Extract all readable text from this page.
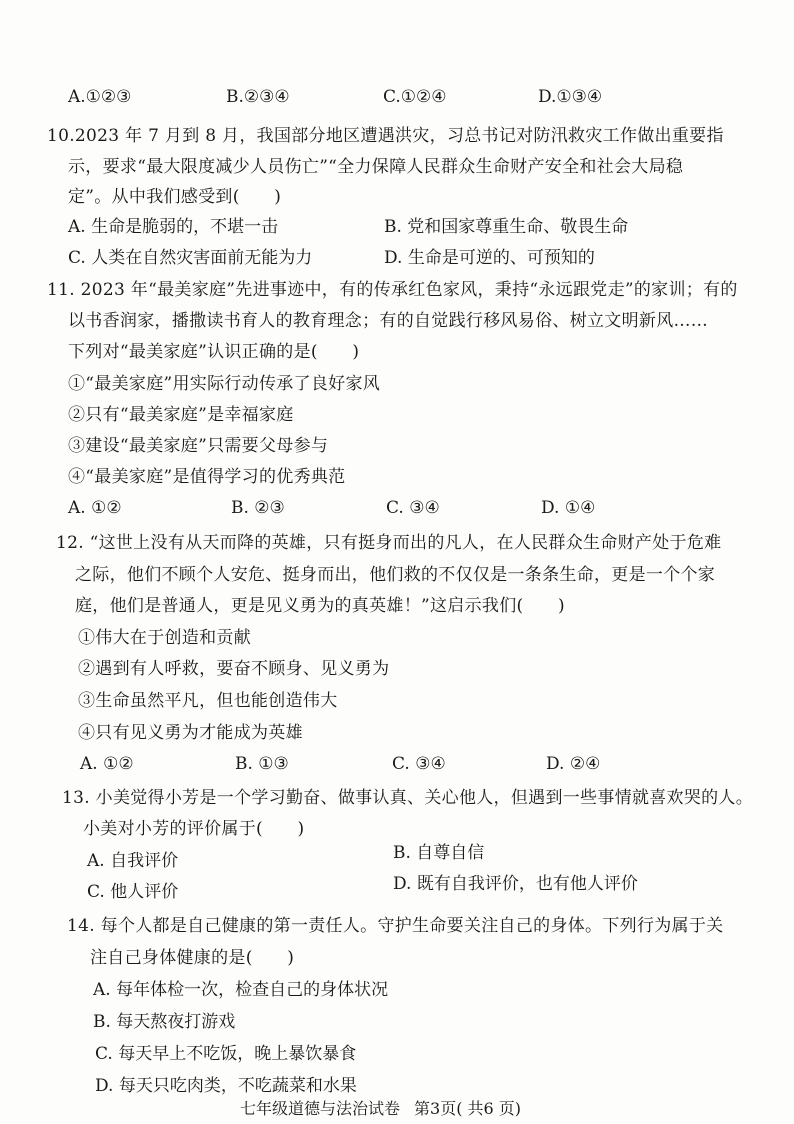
A.①②③	B.②③④	C.①②④	D.①③④
10.2023 年 7 月到 8 月，我国部分地区遭遇洪灾，习总书记对防汛救灾工作做出重要指
示，要求“最大限度减少人员伤亡”“全力保障人民群众生命财产安全和社会大局稳
定”。从中我们感受到(　　)
A. 生命是脆弱的，不堪一击	B. 党和国家尊重生命、敬畏生命
C. 人类在自然灾害面前无能为力	D. 生命是可逆的、可预知的
11. 2023 年“最美家庭”先进事迹中，有的传承红色家风，秉持“永远跟党走”的家训；有的
以书香润家，播撒读书育人的教育理念；有的自觉践行移风易俗、树立文明新风……
下列对“最美家庭”认识正确的是(　　)
①“最美家庭”用实际行动传承了良好家风
②只有“最美家庭”是幸福家庭
③建设“最美家庭”只需要父母参与
④“最美家庭”是值得学习的优秀典范
A. ①②	B. ②③	C. ③④	D. ①④
12. “这世上没有从天而降的英雄，只有挺身而出的凡人，在人民群众生命财产处于危难
之际，他们不顾个人安危、挺身而出，他们救的不仅仅是一条条生命，更是一个个家
庭，他们是普通人，更是见义勇为的真英雄！”这启示我们(　　)
①伟大在于创造和贡献
②遇到有人呼救，要奋不顾身、见义勇为
③生命虽然平凡，但也能创造伟大
④只有见义勇为才能成为英雄
A. ①②	B. ①③	C. ③④	D. ②④
13. 小美觉得小芳是一个学习勤奋、做事认真、关心他人，但遇到一些事情就喜欢哭的人。
小美对小芳的评价属于(　　)
A. 自我评价	B. 自尊自信
C. 他人评价	D. 既有自我评价，也有他人评价
14. 每个人都是自己健康的第一责任人。守护生命要关注自己的身体。下列行为属于关
注自己身体健康的是(　　)
A. 每年体检一次，检查自己的身体状况
B. 每天熬夜打游戏
C. 每天早上不吃饭，晚上暴饮暴食
D. 每天只吃肉类，不吃蔬菜和水果
七年级道德与法治试卷 第3页( 共6 页)
